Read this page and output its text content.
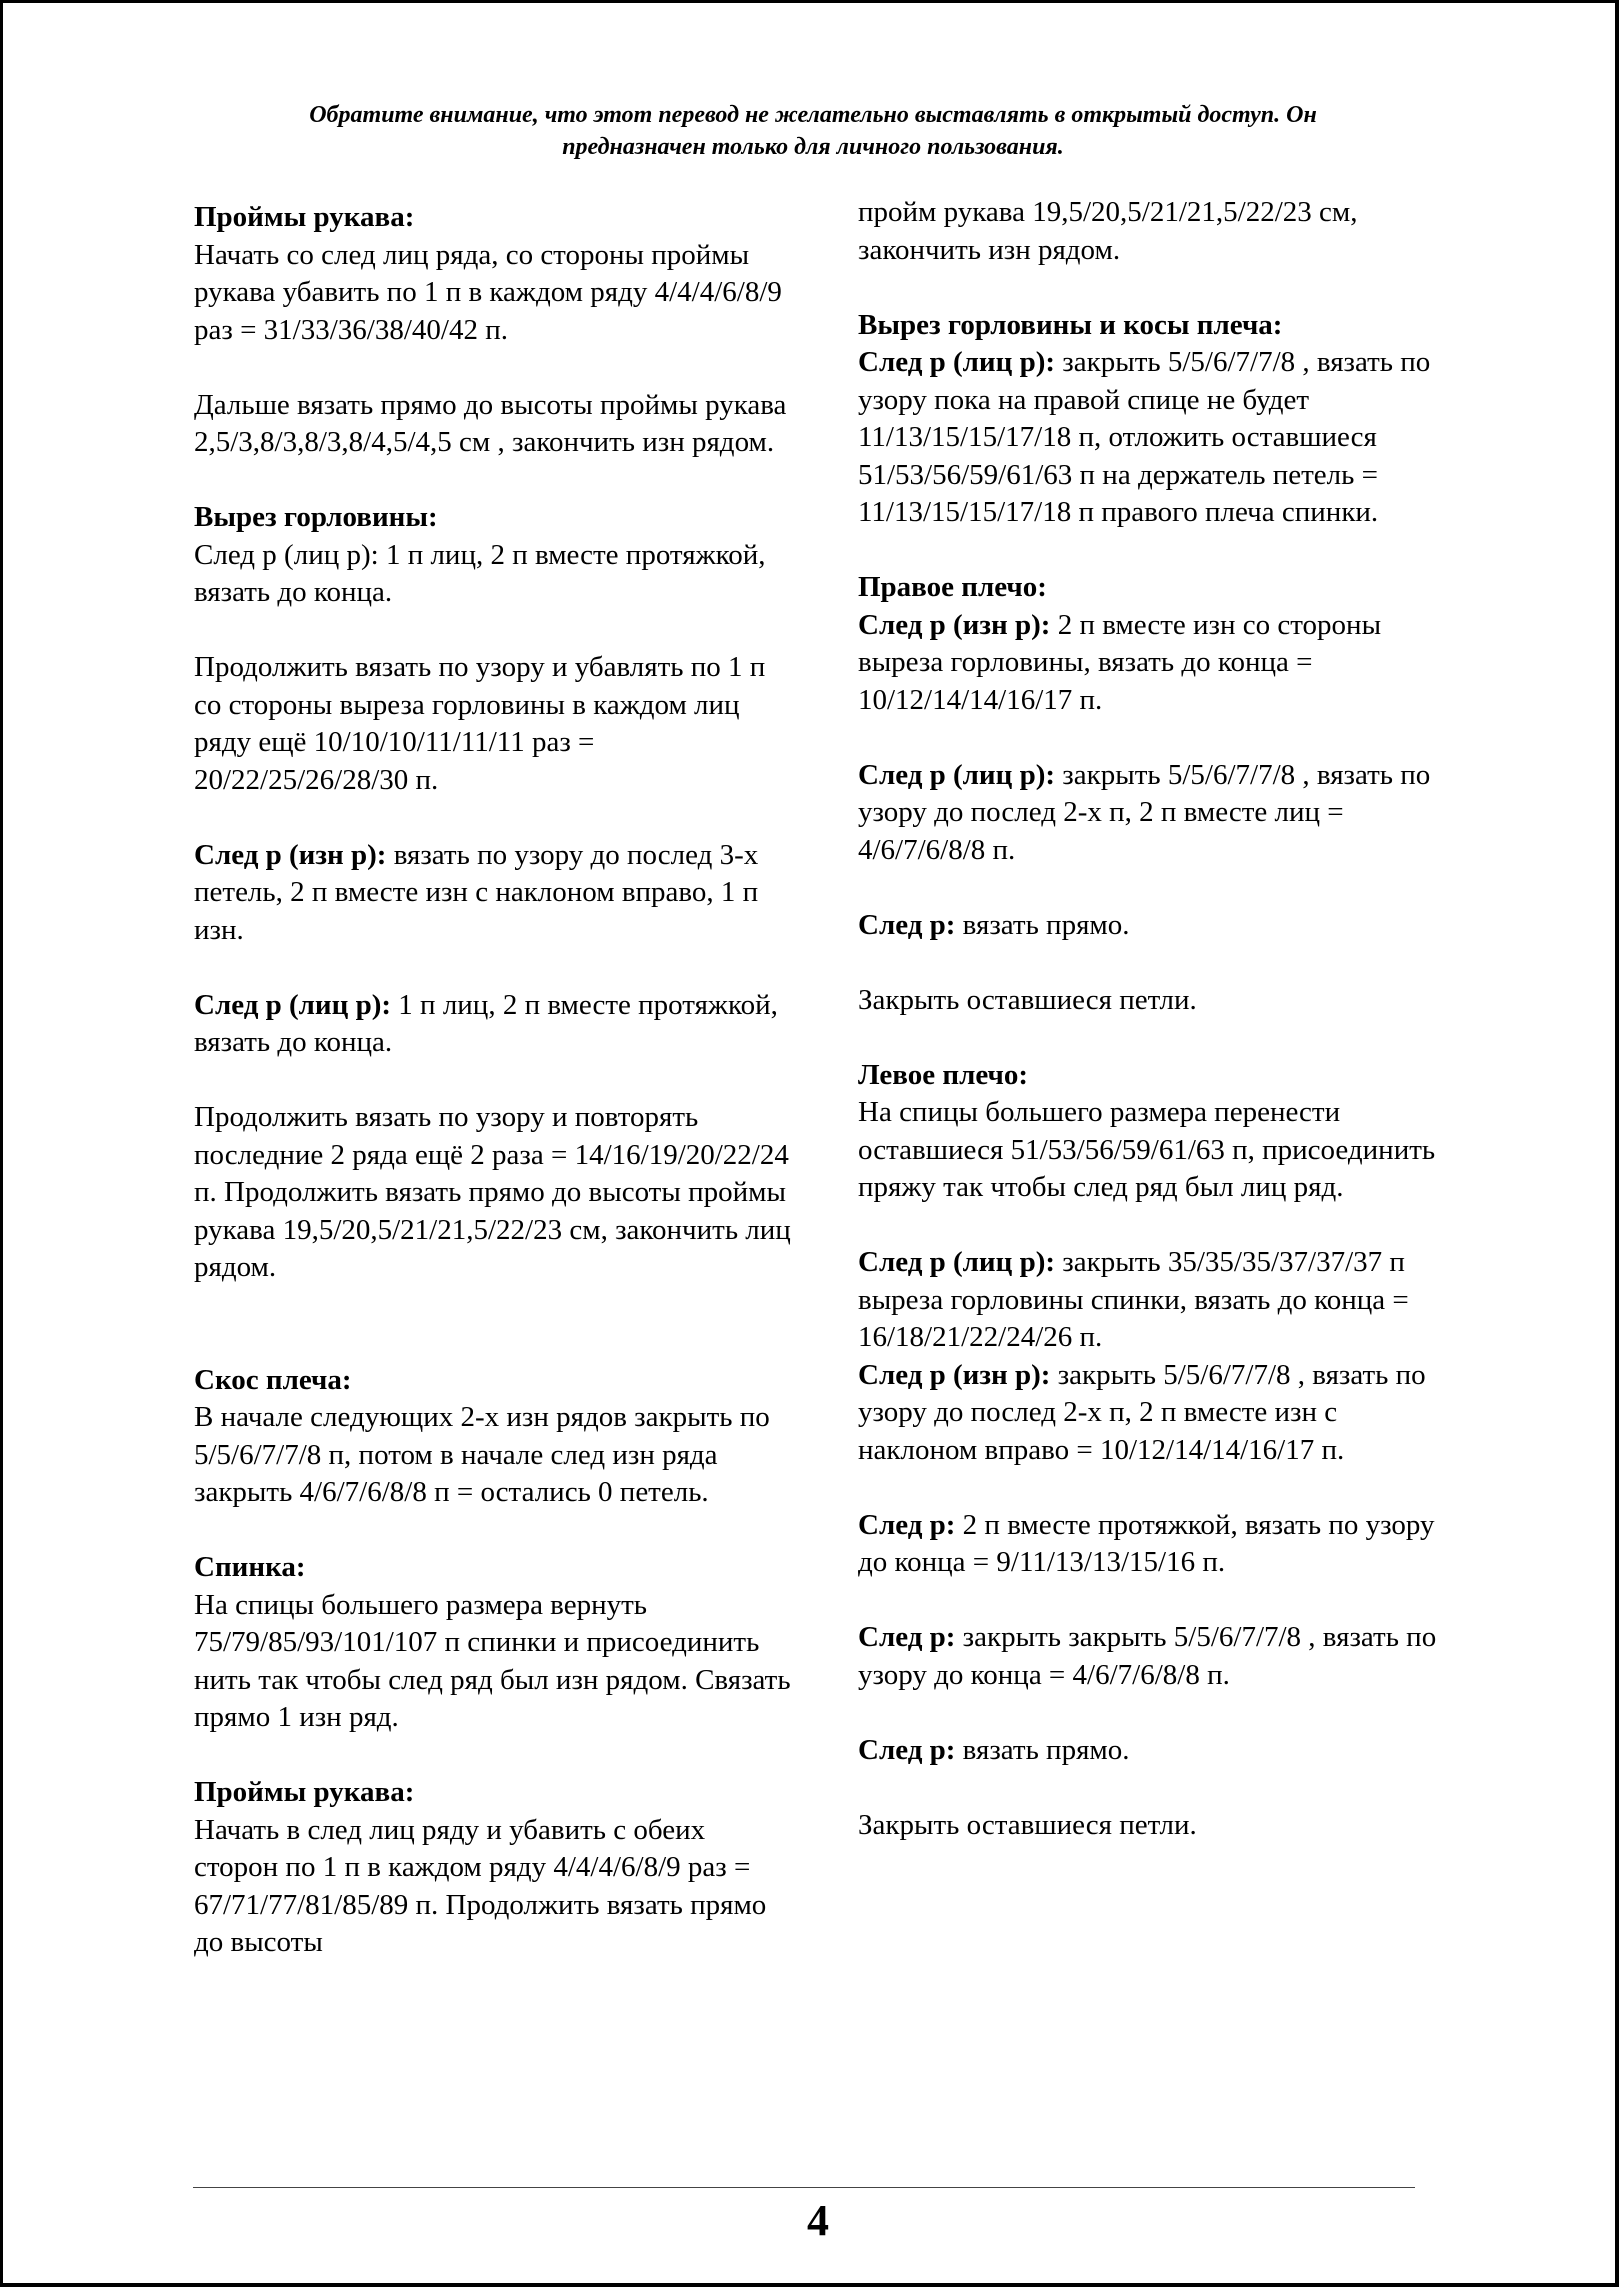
Обратите внимание, что этот перевод не желательно выставлять в открытый доступ. Он
предназначен только для личного пользования.

Проймы рукава:

Начать со след лиц ряда, со стороны проймы рукава убавить по 1 п в каждом ряду 4/4/4/6/8/9 раз = 31/33/36/38/40/42 п.

Дальше вязать прямо до высоты проймы рукава 2,5/3,8/3,8/3,8/4,5/4,5 см , закончить изн рядом.

Вырез горловины:

След р (лиц р): 1 п лиц, 2 п вместе протяжкой, вязать до конца.

Продолжить вязать по узору и убавлять по 1 п со стороны выреза горловины в каждом лиц ряду ещё 10/10/10/11/11/11 раз = 20/22/25/26/28/30 п.

След р (изн р): вязать по узору до послед 3-х петель, 2 п вместе изн с наклоном вправо, 1 п изн.

След р (лиц р): 1 п лиц, 2 п вместе протяжкой, вязать до конца.

Продолжить вязать по узору и повторять последние 2 ряда ещё 2 раза = 14/16/19/20/22/24 п. Продолжить вязать прямо до высоты проймы рукава 19,5/20,5/21/21,5/22/23 см, закончить лиц рядом.

Скос плеча:

В начале следующих 2-х изн рядов закрыть по 5/5/6/7/7/8 п, потом в начале след изн ряда закрыть 4/6/7/6/8/8 п = остались 0 петель.

Спинка:

На спицы большего размера вернуть 75/79/85/93/101/107 п спинки и присоединить нить так чтобы след ряд был изн рядом. Связать прямо 1 изн ряд.

Проймы рукава:

Начать в след лиц ряду и убавить с обеих сторон по 1 п в каждом ряду 4/4/4/6/8/9 раз = 67/71/77/81/85/89 п. Продолжить вязать прямо до высоты

пройм рукава 19,5/20,5/21/21,5/22/23 см, закончить изн рядом.

Вырез горловины и косы плеча:

След р (лиц р): закрыть 5/5/6/7/7/8 , вязать по узору пока на правой спице не будет 11/13/15/15/17/18 п, отложить оставшиеся 51/53/56/59/61/63 п на держатель петель = 11/13/15/15/17/18 п правого плеча спинки.

Правое плечо:

След р (изн р): 2 п вместе изн со стороны выреза горловины, вязать до конца = 10/12/14/14/16/17 п.

След р (лиц р): закрыть 5/5/6/7/7/8 , вязать по узору до послед 2-х п, 2 п вместе лиц = 4/6/7/6/8/8 п.

След р: вязать прямо.

Закрыть оставшиеся петли.

Левое плечо:

На спицы большего размера перенести оставшиеся 51/53/56/59/61/63 п, присоединить пряжу так чтобы след ряд был лиц ряд.

След р (лиц р): закрыть 35/35/35/37/37/37 п выреза горловины спинки, вязать до конца = 16/18/21/22/24/26 п.

След р (изн р): закрыть 5/5/6/7/7/8 , вязать по узору до послед 2-х п, 2 п вместе изн с наклоном вправо = 10/12/14/14/16/17 п.

След р: 2 п вместе протяжкой, вязать по узору до конца = 9/11/13/13/15/16 п.

След р: закрыть закрыть 5/5/6/7/7/8 , вязать по узору до конца = 4/6/7/6/8/8 п.

След р: вязать прямо.

Закрыть оставшиеся петли.

4
